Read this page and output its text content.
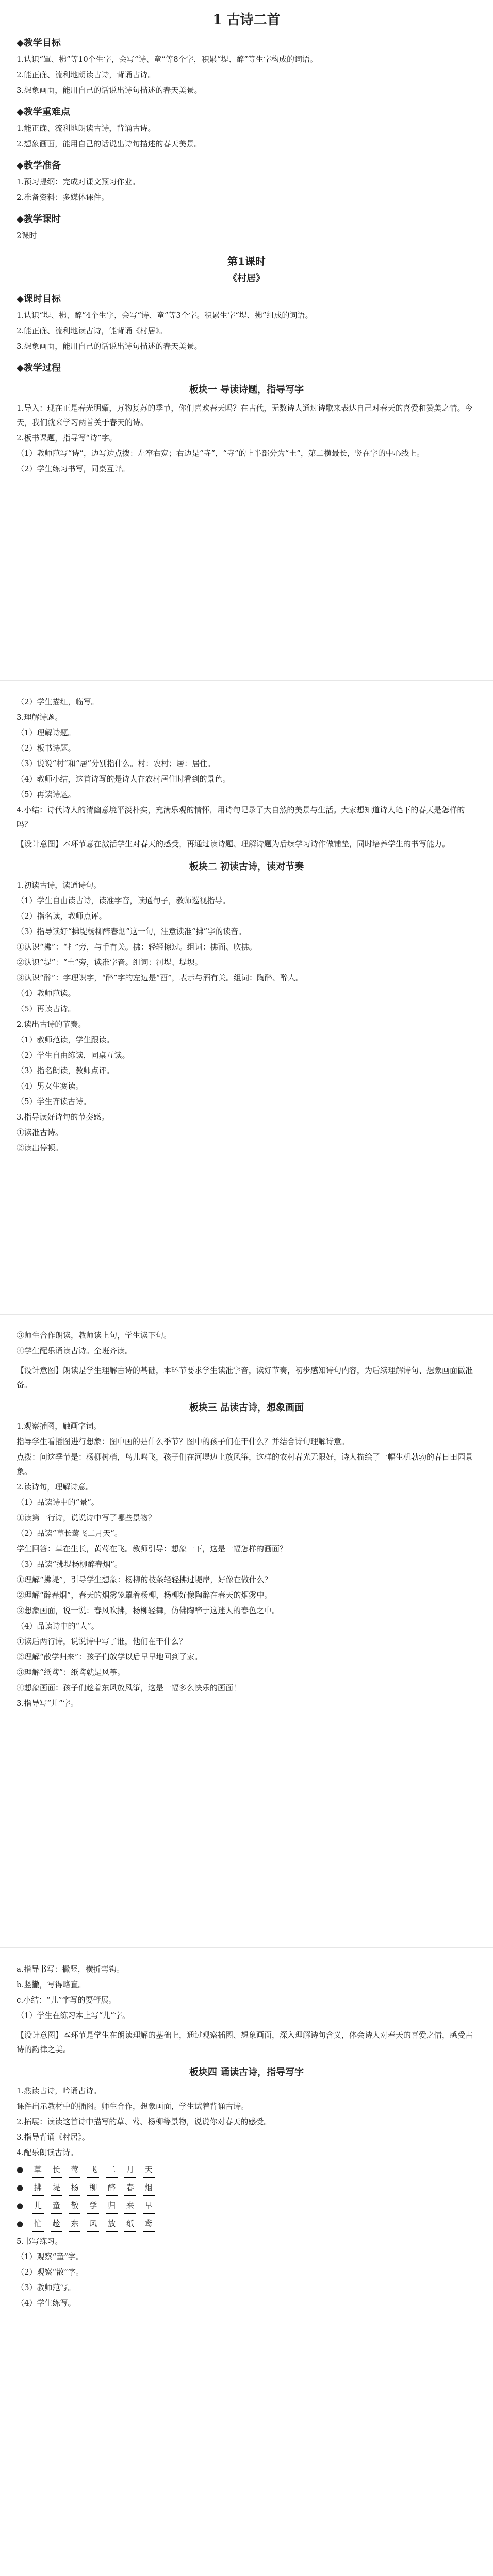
1 古诗二首
◆教学目标
1.认识“罩、拂”等10个生字，会写“诗、童”等8个字，积累“堤、醉”等生字构成的词语。
2.能正确、流利地朗读古诗，背诵古诗。
3.想象画面，能用自己的话说出诗句描述的春天美景。
◆教学重难点
1.能正确、流利地朗读古诗，背诵古诗。
2.想象画面，能用自己的话说出诗句描述的春天美景。
◆教学准备
1.预习提纲：完成对课文预习作业。
2.准备资料：多媒体课件。
◆教学课时
2课时
第1课时
《村居》
◆课时目标
1.认识“堤、拂、醉”4个生字，会写“诗、童”等3个字。积累生字“堤、拂”组成的词语。
2.能正确、流利地读古诗，能背诵《村居》。
3.想象画面，能用自己的话说出诗句描述的春天美景。
◆教学过程
板块一 导读诗题，指导写字
1.导入：现在正是春光明媚，万物复苏的季节，你们喜欢春天吗？在古代，无数诗人通过诗歌来表达自己对春天的喜爱和赞美之情。今天，我们就来学习两首关于春天的诗。
2.板书课题，指导写“诗”字。
（1）教师范写“诗”，边写边点拨：左窄右宽；右边是“寺”，“寺”的上半部分为“土”，第二横最长，竖在字的中心线上。
（2）学生练习书写，同桌互评。
（2）学生描红，临写。
3.理解诗题。
（1）理解诗题。
（2）板书诗题。
（3）说说“村”和“居”分别指什么。村：农村；居：居住。
（4）教师小结，这首诗写的是诗人在农村居住时看到的景色。
（5）再读诗题。
4.小结：诗代诗人的清幽意境平淡朴实，充满乐观的情怀，用诗句记录了大自然的美景与生活。大家想知道诗人笔下的春天是怎样的吗？
【设计意图】本环节意在激活学生对春天的感受，再通过读诗题、理解诗题为后续学习诗作做铺垫，同时培养学生的书写能力。
板块二 初读古诗，读对节奏
1.初读古诗，读通诗句。
（1）学生自由读古诗，读准字音，读通句子，教师巡视指导。
（2）指名读，教师点评。
（3）指导读好“拂堤杨柳醉春烟”这一句，注意读准“拂”字的读音。
①认识“拂”：“扌”旁，与手有关。拂：轻轻擦过。组词：拂面、吹拂。
②认识“堤”：“土”旁，读准字音。组词：河堤、堤坝。
③认识“醉”：字理识字，“醉”字的左边是“酉”，表示与酒有关。组词：陶醉、醉人。
（4）教师范读。
（5）再读古诗。
2.读出古诗的节奏。
（1）教师范读，学生跟读。
（2）学生自由练读，同桌互读。
（3）指名朗读，教师点评。
（4）男女生赛读。
（5）学生齐读古诗。
3.指导读好诗句的节奏感。
①读准古诗。
②读出停顿。
③师生合作朗读，教师读上句，学生读下句。
④学生配乐诵读古诗。全班齐读。
【设计意图】朗读是学生理解古诗的基础，本环节要求学生读准字音，读好节奏，初步感知诗句内容，为后续理解诗句、想象画面做准备。
板块三 品读古诗，想象画面
1.观察插图，触画字词。
指导学生看插图进行想象：图中画的是什么季节？图中的孩子们在干什么？并结合诗句理解诗意。
点拨：问这季节是：杨柳树梢，鸟儿鸣飞，孩子们在河堤边上放风筝，这样的农村春光无限好，诗人描绘了一幅生机勃勃的春日田园景象。
2.读诗句，理解诗意。
（1）品读诗中的“景”。
①读第一行诗，说说诗中写了哪些景物？
（2）品读“草长莺飞二月天”。
学生回答：草在生长，黄莺在飞。教师引导：想象一下，这是一幅怎样的画面？
（3）品读“拂堤杨柳醉春烟”。
①理解“拂堤”，引导学生想象：杨柳的枝条轻轻拂过堤岸，好像在做什么？
②理解“醉春烟”，春天的烟雾笼罩着杨柳，杨柳好像陶醉在春天的烟雾中。
③想象画面，说一说：春风吹拂，杨柳轻舞，仿佛陶醉于这迷人的春色之中。
（4）品读诗中的“人”。
①读后两行诗，说说诗中写了谁，他们在干什么？
②理解“散学归来”：孩子们放学以后早早地回到了家。
③理解“纸鸢”：纸鸢就是风筝。
④想象画面：孩子们趁着东风放风筝，这是一幅多么快乐的画面！
3.指导写“儿”字。
a.指导书写：撇竖，横折弯钩。
b.竖撇，写得略直。
c.小结：“儿”字写的要舒展。
（1）学生在练习本上写“儿”字。
【设计意图】本环节是学生在朗读理解的基础上，通过观察插图、想象画面，深入理解诗句含义，体会诗人对春天的喜爱之情，感受古诗的韵律之美。
板块四 诵读古诗，指导写字
1.熟读古诗，吟诵古诗。
课件出示教材中的插图。师生合作，想象画面，学生试着背诵古诗。
2.拓展：读读这首诗中描写的草、莺、杨柳等景物，说说你对春天的感受。
3.指导背诵《村居》。
4.配乐朗读古诗。
● 草 长 莺 飞 二 月 天
● 拂 堤 杨 柳 醉 春 烟
● 儿 童 散 学 归 来 早
● 忙 趁 东 风 放 纸 鸢
5.书写练习。
（1）观察“童”字。
（2）观察“散”字。
（3）教师范写。
（4）学生练写。
